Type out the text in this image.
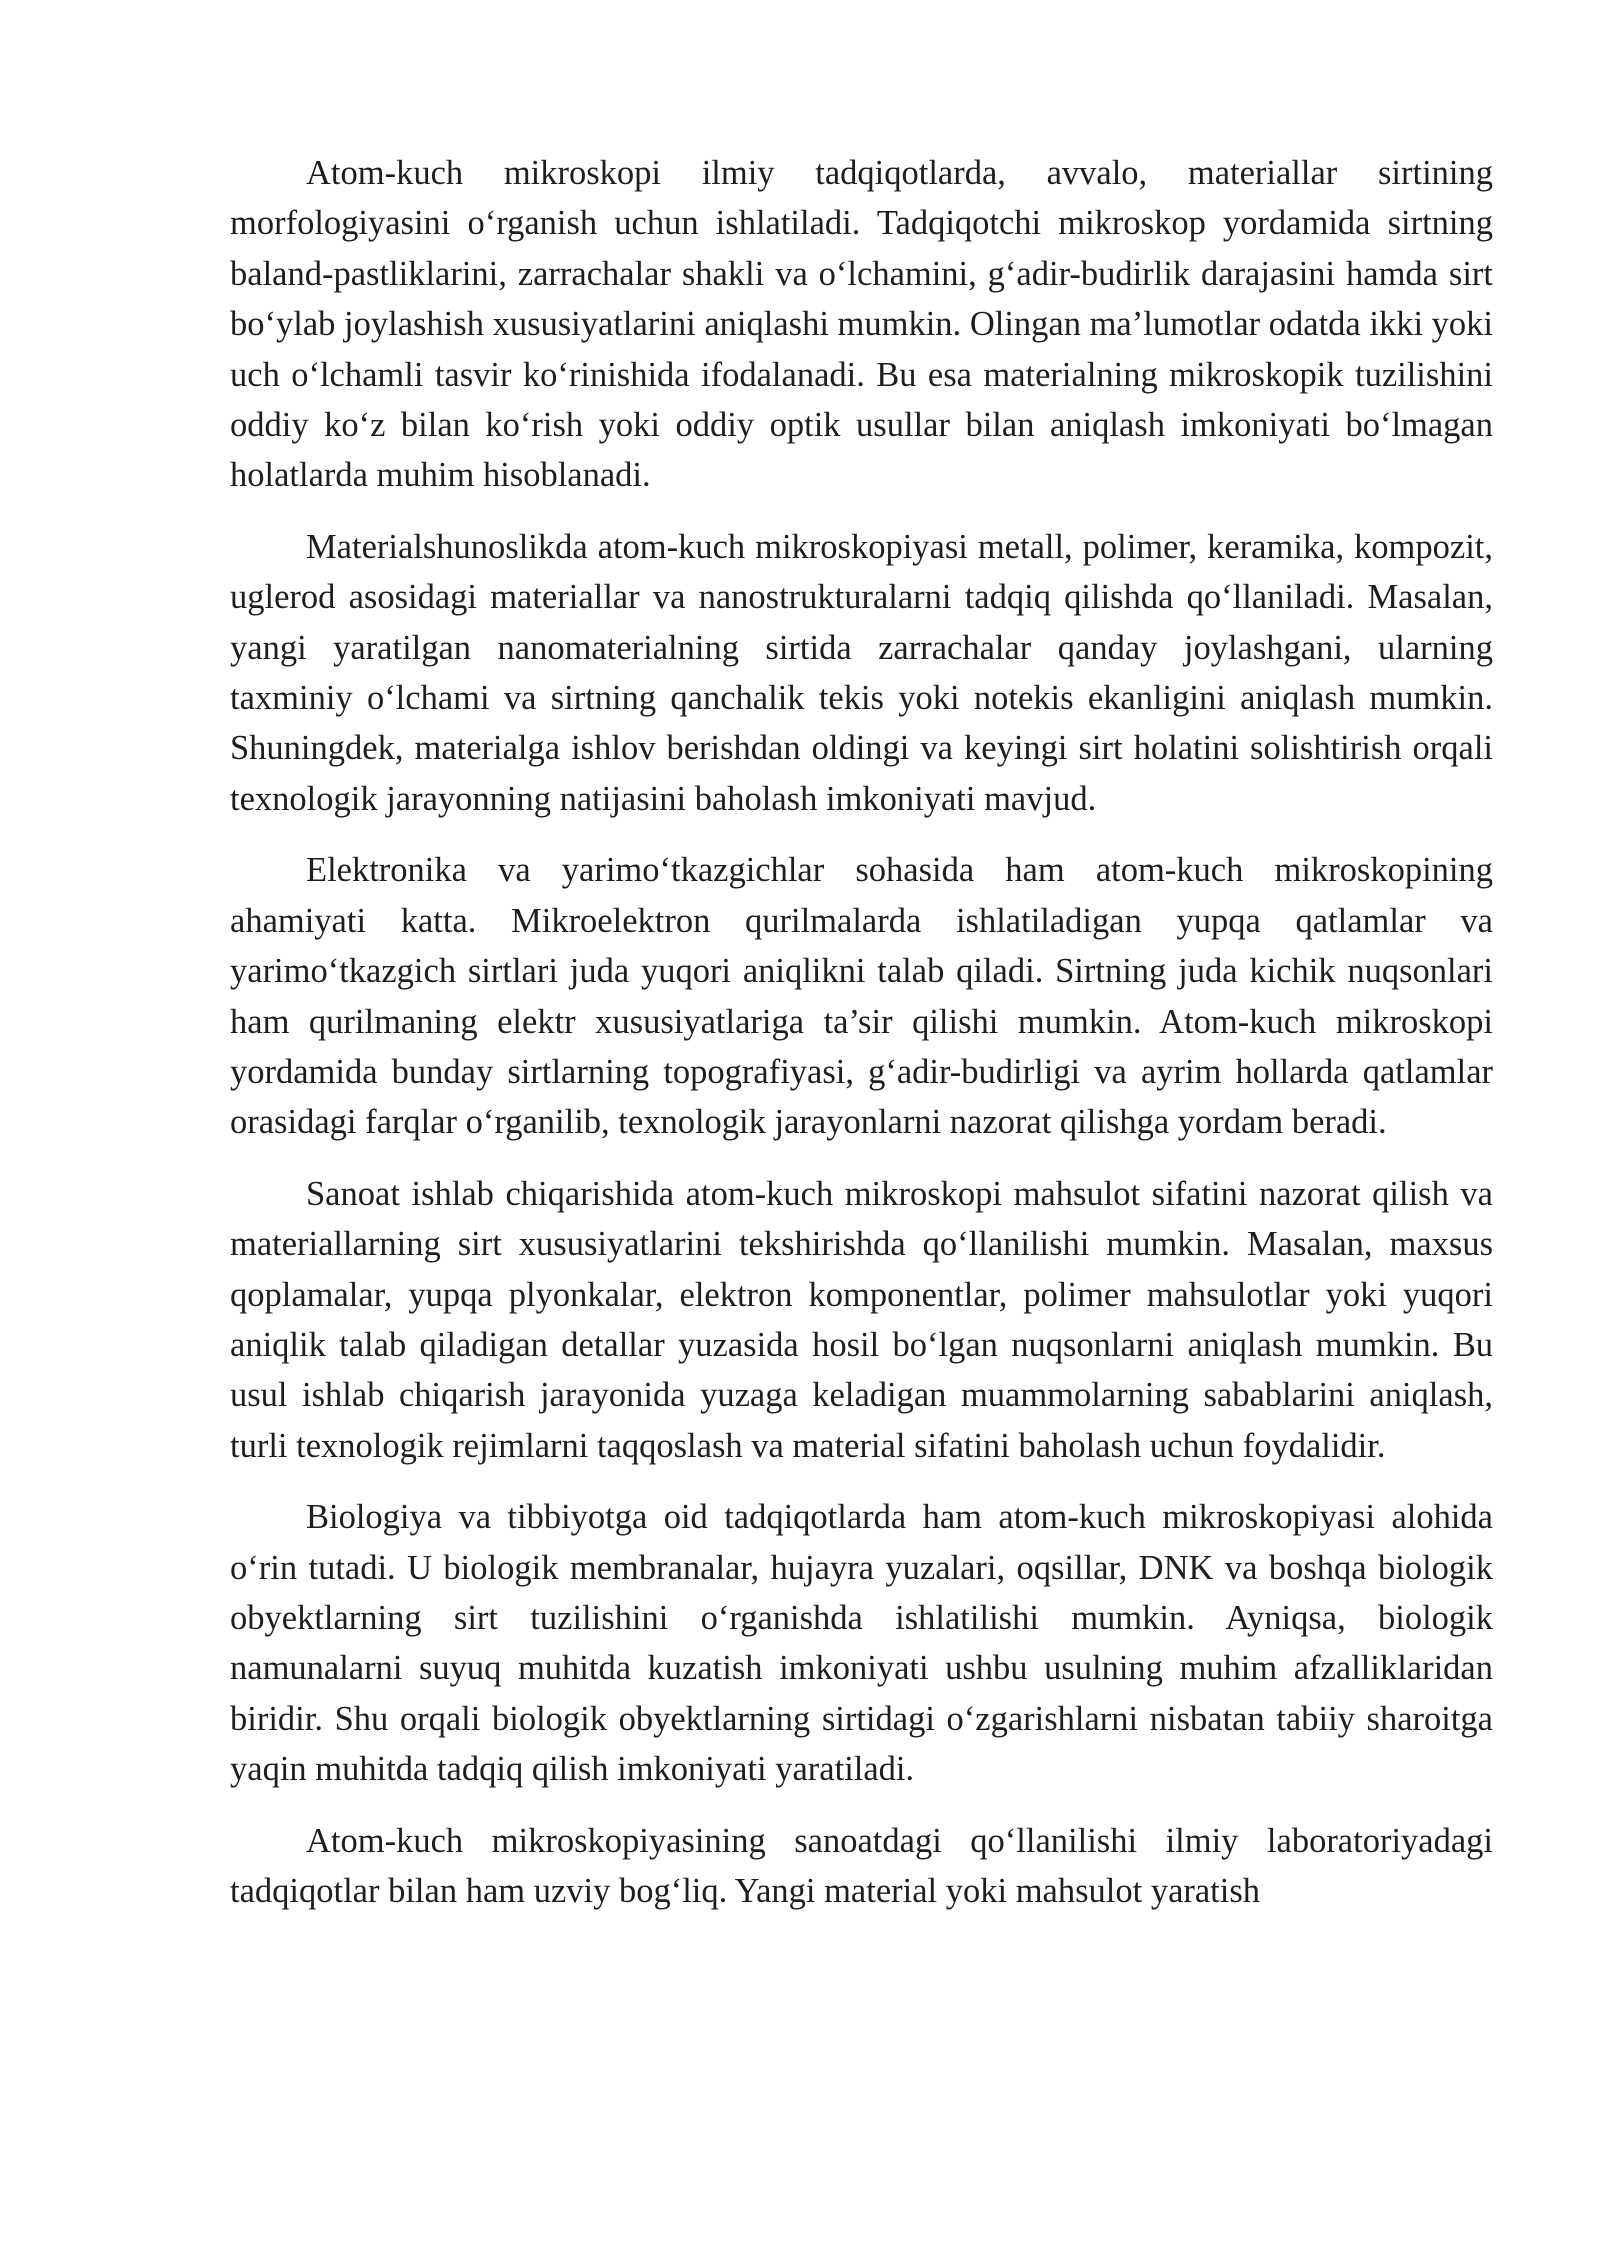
Atom-kuch mikroskopi ilmiy tadqiqotlarda, avvalo, materiallar sirtining morfologiyasini o‘rganish uchun ishlatiladi. Tadqiqotchi mikroskop yordamida sirtning baland-pastliklarini, zarrachalar shakli va o‘lchamini, g‘adir-budirlik darajasini hamda sirt bo‘ylab joylashish xususiyatlarini aniqlashi mumkin. Olingan ma’lumotlar odatda ikki yoki uch o‘lchamli tasvir ko‘rinishida ifodalanadi. Bu esa materialning mikroskopik tuzilishini oddiy ko‘z bilan ko‘rish yoki oddiy optik usullar bilan aniqlash imkoniyati bo‘lmagan holatlarda muhim hisoblanadi.

Materialshunoslikda atom-kuch mikroskopiyasi metall, polimer, keramika, kompozit, uglerod asosidagi materiallar va nanostrukturalarni tadqiq qilishda qo‘llaniladi. Masalan, yangi yaratilgan nanomaterialning sirtida zarrachalar qanday joylashgani, ularning taxminiy o‘lchami va sirtning qanchalik tekis yoki notekis ekanligini aniqlash mumkin. Shuningdek, materialga ishlov berishdan oldingi va keyingi sirt holatini solishtirish orqali texnologik jarayonning natijasini baholash imkoniyati mavjud.

Elektronika va yarimo‘tkazgichlar sohasida ham atom-kuch mikroskopining ahamiyati katta. Mikroelektron qurilmalarda ishlatiladigan yupqa qatlamlar va yarimo‘tkazgich sirtlari juda yuqori aniqlikni talab qiladi. Sirtning juda kichik nuqsonlari ham qurilmaning elektr xususiyatlariga ta’sir qilishi mumkin. Atom-kuch mikroskopi yordamida bunday sirtlarning topografiyasi, g‘adir-budirligi va ayrim hollarda qatlamlar orasidagi farqlar o‘rganilib, texnologik jarayonlarni nazorat qilishga yordam beradi.

Sanoat ishlab chiqarishida atom-kuch mikroskopi mahsulot sifatini nazorat qilish va materiallarning sirt xususiyatlarini tekshirishda qo‘llanilishi mumkin. Masalan, maxsus qoplamalar, yupqa plyonkalar, elektron komponentlar, polimer mahsulotlar yoki yuqori aniqlik talab qiladigan detallar yuzasida hosil bo‘lgan nuqsonlarni aniqlash mumkin. Bu usul ishlab chiqarish jarayonida yuzaga keladigan muammolarning sabablarini aniqlash, turli texnologik rejimlarni taqqoslash va material sifatini baholash uchun foydalidir.

Biologiya va tibbiyotga oid tadqiqotlarda ham atom-kuch mikroskopiyasi alohida o‘rin tutadi. U biologik membranalar, hujayra yuzalari, oqsillar, DNK va boshqa biologik obyektlarning sirt tuzilishini o‘rganishda ishlatilishi mumkin. Ayniqsa, biologik namunalarni suyuq muhitda kuzatish imkoniyati ushbu usulning muhim afzalliklaridan biridir. Shu orqali biologik obyektlarning sirtidagi o‘zgarishlarni nisbatan tabiiy sharoitga yaqin muhitda tadqiq qilish imkoniyati yaratiladi.

Atom-kuch mikroskopiyasining sanoatdagi qo‘llanilishi ilmiy laboratoriyadagi tadqiqotlar bilan ham uzviy bog‘liq. Yangi material yoki mahsulot yaratish
